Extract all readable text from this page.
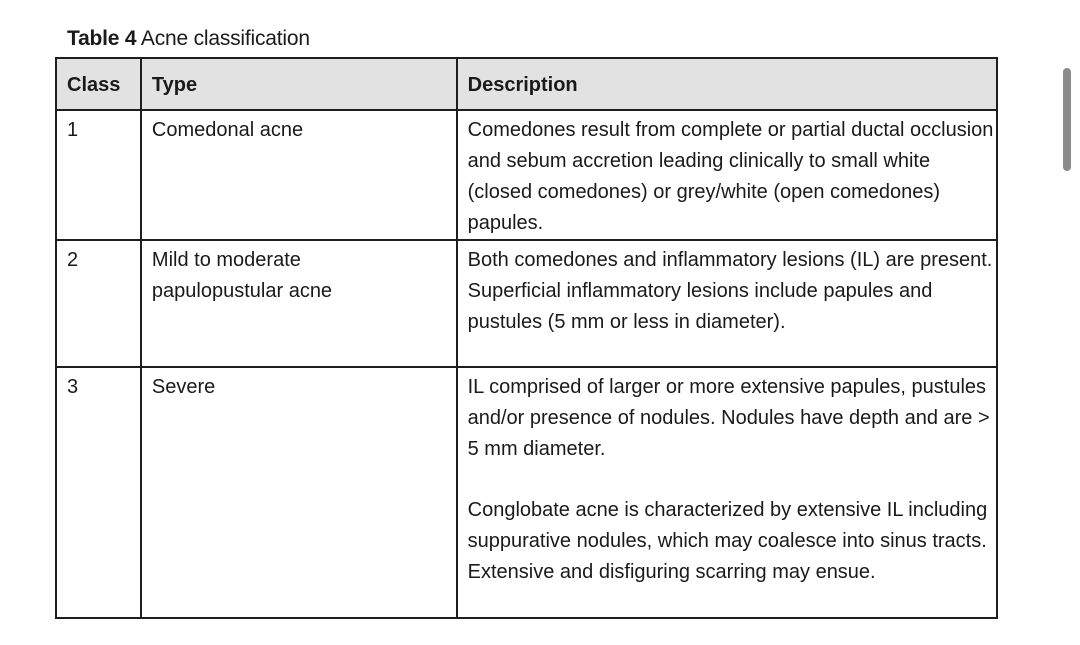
Table 4 Acne classification
Class	Type	Description
1	Comedonal acne	Comedones result from complete or partial ductal occlusion and sebum accretion leading clinically to small white (closed comedones) or grey/white (open comedones) papules.

2	Mild to moderate papulopustular acne	Both comedones and inflammatory lesions (IL) are present. Superficial inflammatory lesions include papules and pustules (5 mm or less in diameter).

3	Severe	IL comprised of larger or more extensive papules, pustules and/or presence of nodules. Nodules have depth and are > 5 mm diameter.
Conglobate acne is characterized by extensive IL including suppurative nodules, which may coalesce into sinus tracts. Extensive and disfiguring scarring may ensue.
